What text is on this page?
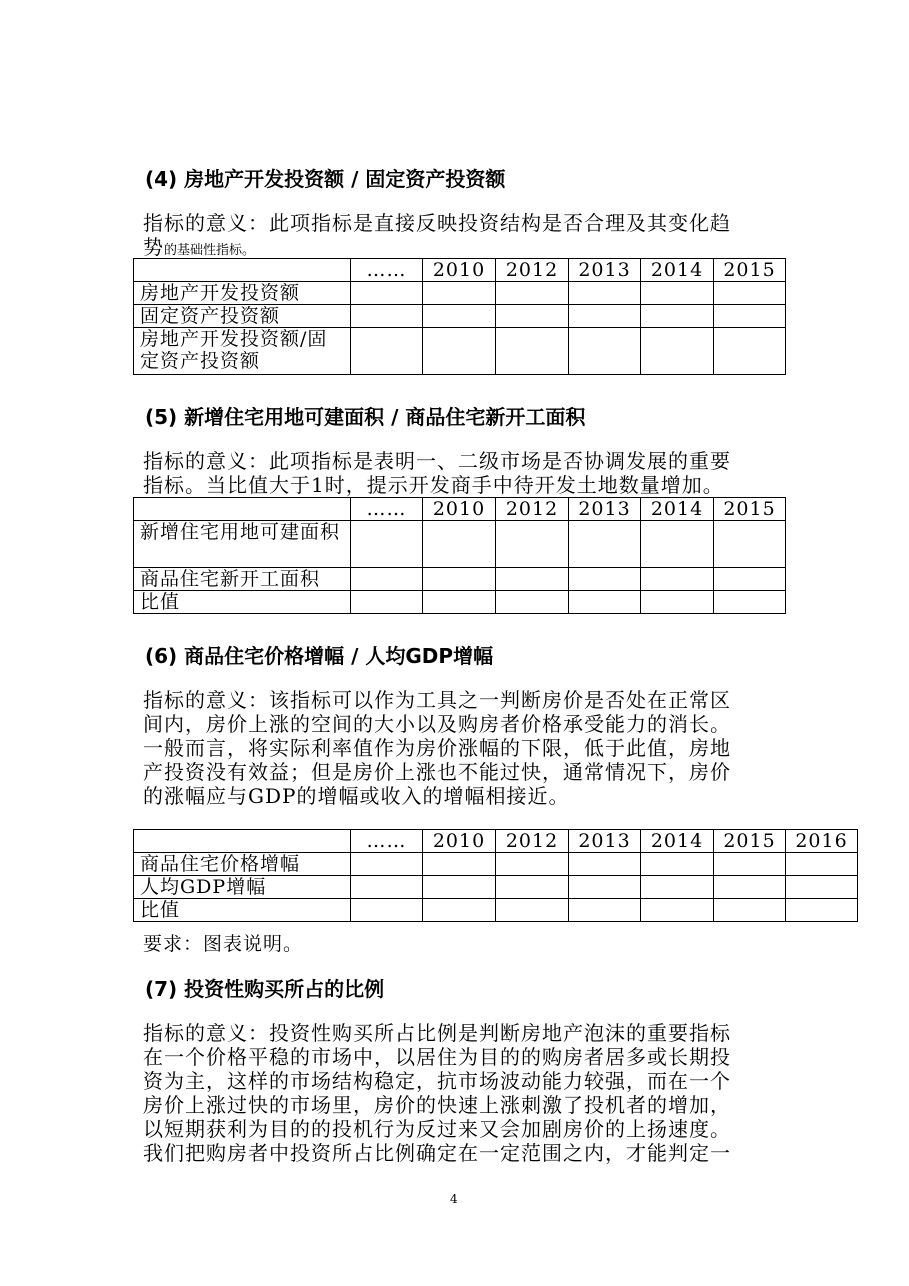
(4) 房地产开发投资额 / 固定资产投资额
指标的意义：此项指标是直接反映投资结构是否合理及其变化趋
势的基础性指标。
	……	2010	2012	2013	2014	2015
房地产开发投资额						
固定资产投资额						
房地产开发投资额/固定资产投资额						
(5) 新增住宅用地可建面积 / 商品住宅新开工面积
指标的意义：此项指标是表明一、二级市场是否协调发展的重要
指标。当比值大于1时，提示开发商手中待开发土地数量增加。
	……	2010	2012	2013	2014	2015
新增住宅用地可建面积						
商品住宅新开工面积						
比值						
(6) 商品住宅价格增幅 / 人均GDP增幅
指标的意义：该指标可以作为工具之一判断房价是否处在正常区
间内，房价上涨的空间的大小以及购房者价格承受能力的消长。
一般而言，将实际利率值作为房价涨幅的下限，低于此值，房地
产投资没有效益；但是房价上涨也不能过快，通常情况下，房价
的涨幅应与GDP的增幅或收入的增幅相接近。
	……	2010	2012	2013	2014	2015	2016
商品住宅价格增幅							
人均GDP增幅							
比值							
要求：图表说明。
(7) 投资性购买所占的比例
指标的意义：投资性购买所占比例是判断房地产泡沫的重要指标
在一个价格平稳的市场中，以居住为目的的购房者居多或长期投
资为主，这样的市场结构稳定，抗市场波动能力较强，而在一个
房价上涨过快的市场里，房价的快速上涨刺激了投机者的增加，
以短期获利为目的的投机行为反过来又会加剧房价的上扬速度。
我们把购房者中投资所占比例确定在一定范围之内，才能判定一
4
